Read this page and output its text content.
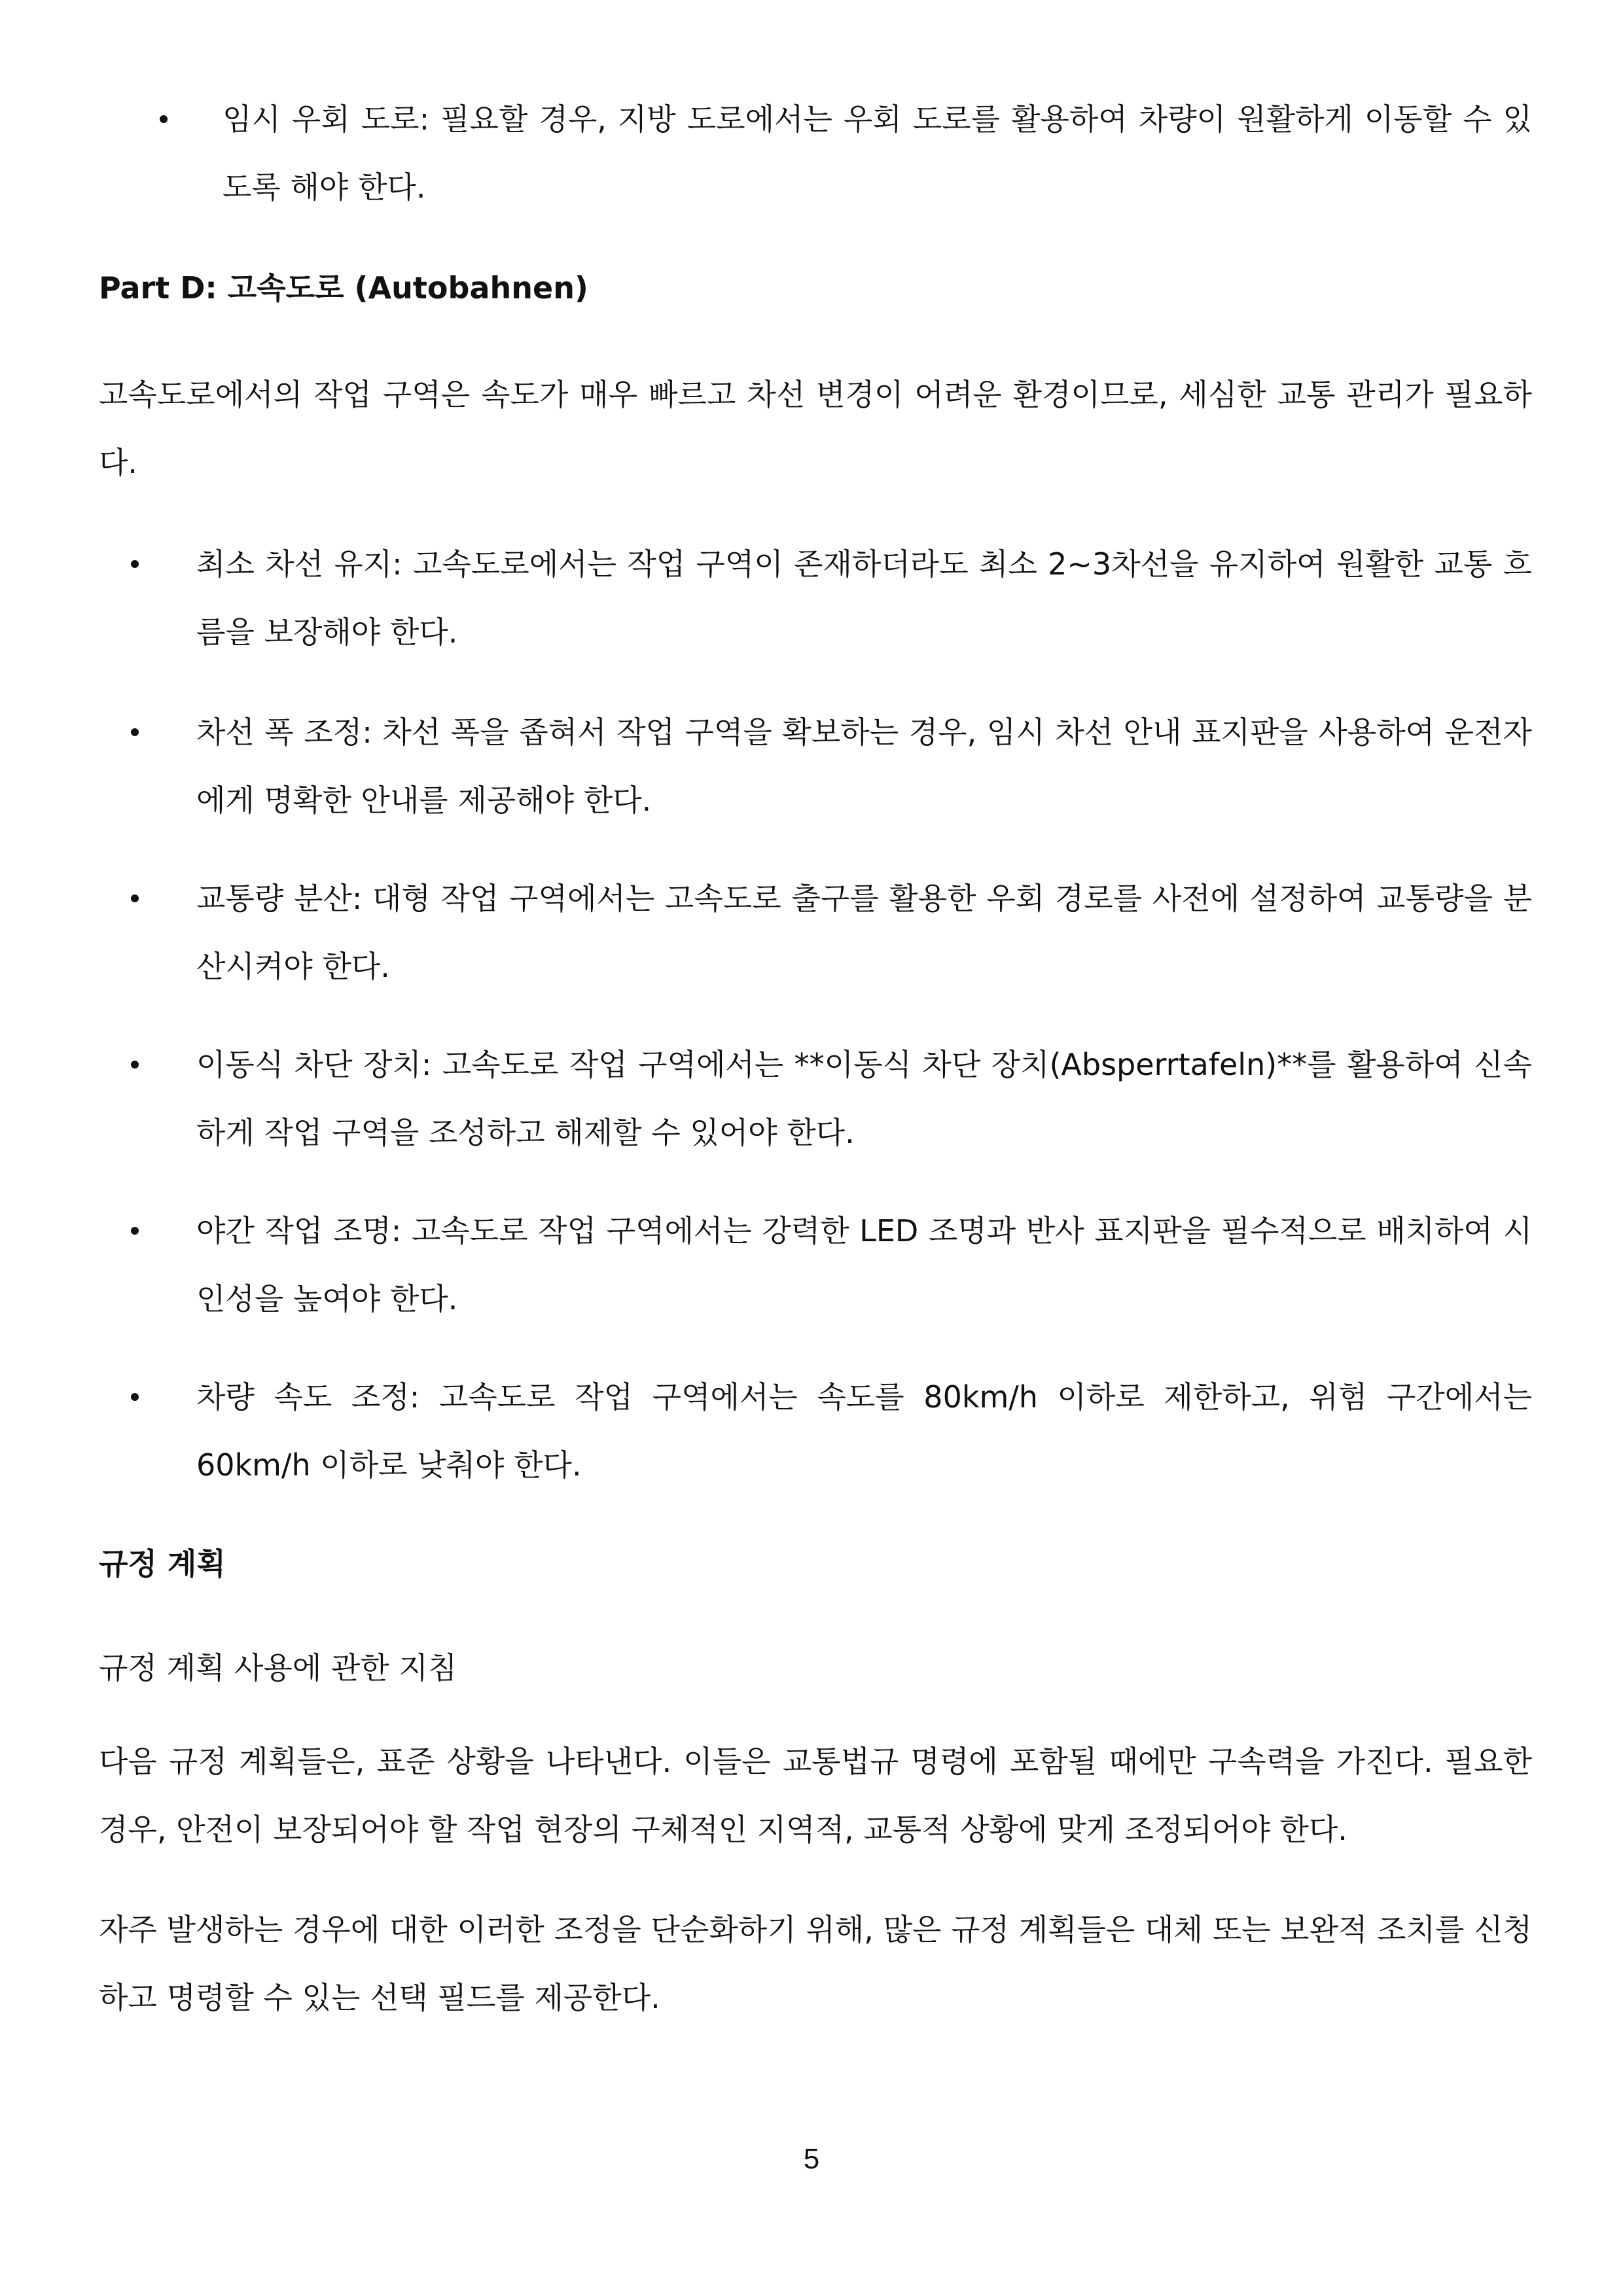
임시 우회 도로: 필요할 경우, 지방 도로에서는 우회 도로를 활용하여 차량이 원활하게 이동할 수 있도록 해야 한다.

Part D: 고속도로 (Autobahnen)

고속도로에서의 작업 구역은 속도가 매우 빠르고 차선 변경이 어려운 환경이므로, 세심한 교통 관리가 필요하다.

최소 차선 유지: 고속도로에서는 작업 구역이 존재하더라도 최소 2~3차선을 유지하여 원활한 교통 흐름을 보장해야 한다.

차선 폭 조정: 차선 폭을 좁혀서 작업 구역을 확보하는 경우, 임시 차선 안내 표지판을 사용하여 운전자에게 명확한 안내를 제공해야 한다.

교통량 분산: 대형 작업 구역에서는 고속도로 출구를 활용한 우회 경로를 사전에 설정하여 교통량을 분산시켜야 한다.

이동식 차단 장치: 고속도로 작업 구역에서는 **이동식 차단 장치(Absperrtafeln)**를 활용하여 신속하게 작업 구역을 조성하고 해제할 수 있어야 한다.

야간 작업 조명: 고속도로 작업 구역에서는 강력한 LED 조명과 반사 표지판을 필수적으로 배치하여 시인성을 높여야 한다.

차량 속도 조정: 고속도로 작업 구역에서는 속도를 80km/h 이하로 제한하고, 위험 구간에서는 60km/h 이하로 낮춰야 한다.

규정 계획

규정 계획 사용에 관한 지침

다음 규정 계획들은, 표준 상황을 나타낸다. 이들은 교통법규 명령에 포함될 때에만 구속력을 가진다. 필요한 경우, 안전이 보장되어야 할 작업 현장의 구체적인 지역적, 교통적 상황에 맞게 조정되어야 한다.

자주 발생하는 경우에 대한 이러한 조정을 단순화하기 위해, 많은 규정 계획들은 대체 또는 보완적 조치를 신청하고 명령할 수 있는 선택 필드를 제공한다.

5
